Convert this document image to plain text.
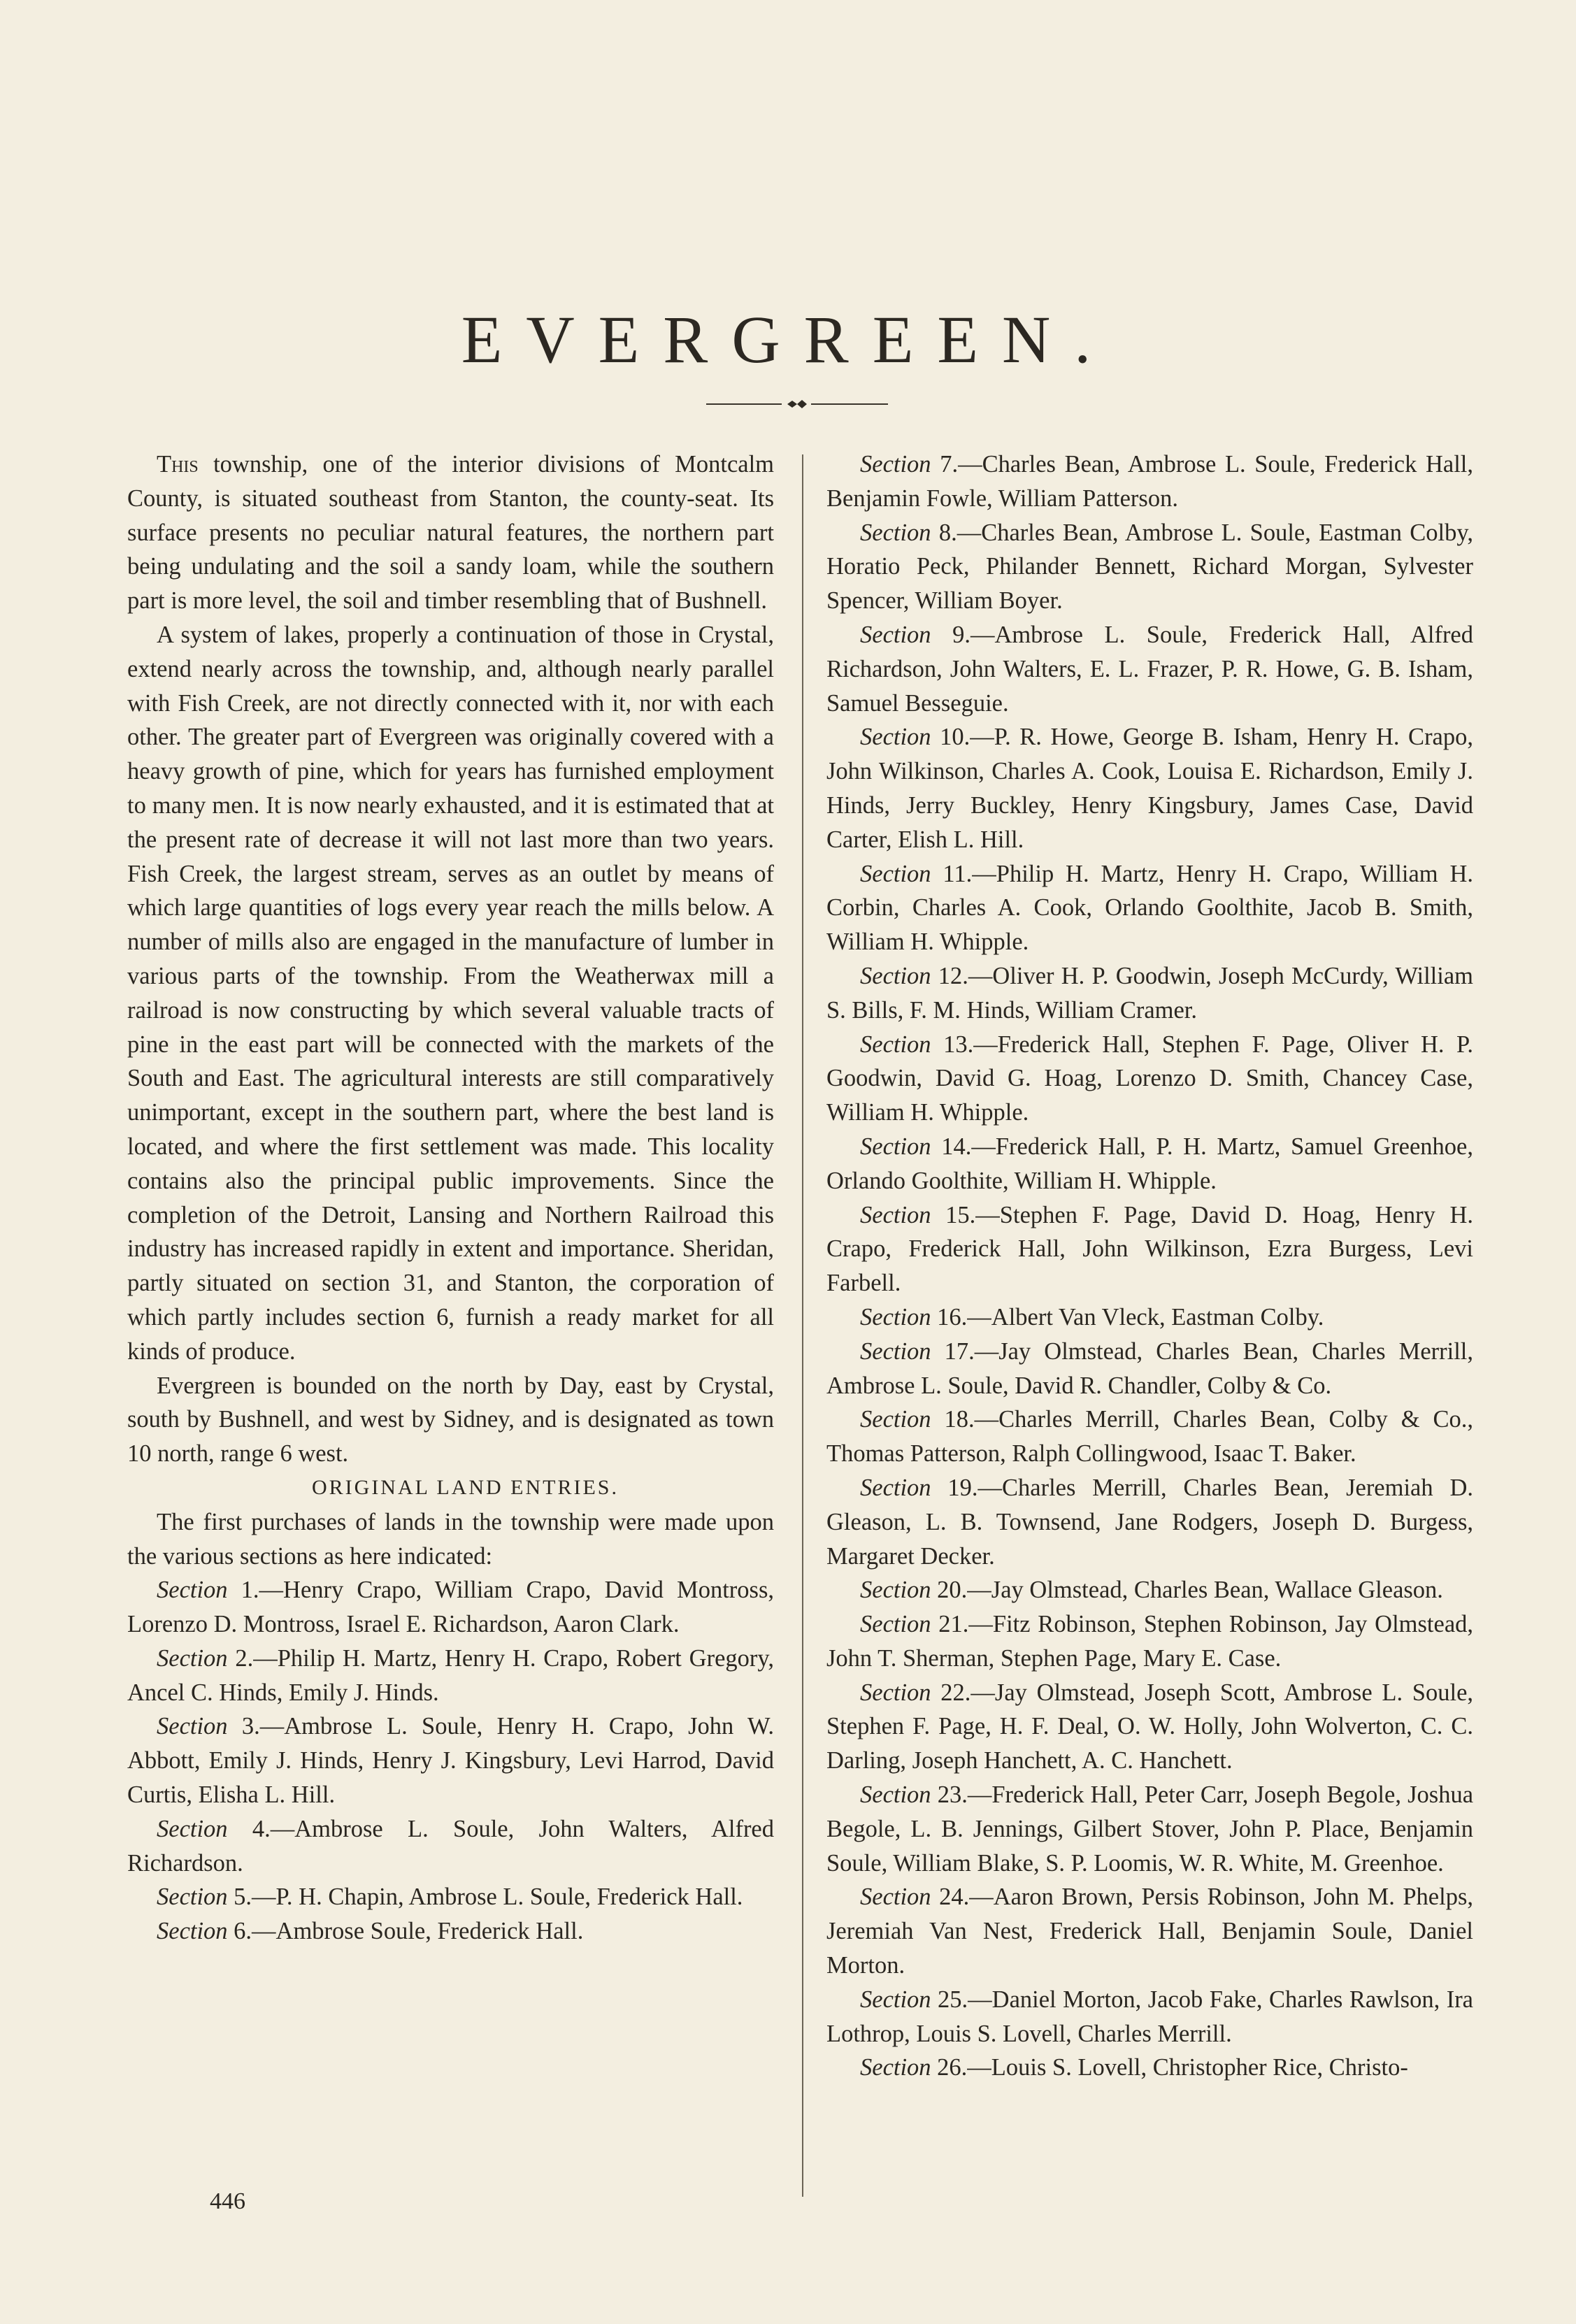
EVERGREEN.

This township, one of the interior divisions of Montcalm County, is situated southeast from Stanton, the county-seat. Its surface presents no peculiar natural features, the northern part being undulating and the soil a sandy loam, while the southern part is more level, the soil and timber resembling that of Bushnell.

A system of lakes, properly a continuation of those in Crystal, extend nearly across the township, and, although nearly parallel with Fish Creek, are not directly connected with it, nor with each other. The greater part of Evergreen was originally covered with a heavy growth of pine, which for years has furnished employment to many men. It is now nearly exhausted, and it is estimated that at the present rate of decrease it will not last more than two years. Fish Creek, the largest stream, serves as an outlet by means of which large quantities of logs every year reach the mills below. A number of mills also are engaged in the manufacture of lumber in various parts of the township. From the Weatherwax mill a railroad is now constructing by which several valuable tracts of pine in the east part will be connected with the markets of the South and East. The agricultural interests are still comparatively unimportant, except in the southern part, where the best land is located, and where the first settlement was made. This locality contains also the principal public improvements. Since the completion of the Detroit, Lansing and Northern Railroad this industry has increased rapidly in extent and importance. Sheridan, partly situated on section 31, and Stanton, the corporation of which partly includes section 6, furnish a ready market for all kinds of produce.

Evergreen is bounded on the north by Day, east by Crystal, south by Bushnell, and west by Sidney, and is designated as town 10 north, range 6 west.

ORIGINAL LAND ENTRIES.

The first purchases of lands in the township were made upon the various sections as here indicated:

Section 1.—Henry Crapo, William Crapo, David Montross, Lorenzo D. Montross, Israel E. Richardson, Aaron Clark.

Section 2.—Philip H. Martz, Henry H. Crapo, Robert Gregory, Ancel C. Hinds, Emily J. Hinds.

Section 3.—Ambrose L. Soule, Henry H. Crapo, John W. Abbott, Emily J. Hinds, Henry J. Kingsbury, Levi Harrod, David Curtis, Elisha L. Hill.

Section 4.—Ambrose L. Soule, John Walters, Alfred Richardson.

Section 5.—P. H. Chapin, Ambrose L. Soule, Frederick Hall.

Section 6.—Ambrose Soule, Frederick Hall.

Section 7.—Charles Bean, Ambrose L. Soule, Frederick Hall, Benjamin Fowle, William Patterson.

Section 8.—Charles Bean, Ambrose L. Soule, Eastman Colby, Horatio Peck, Philander Bennett, Richard Morgan, Sylvester Spencer, William Boyer.

Section 9.—Ambrose L. Soule, Frederick Hall, Alfred Richardson, John Walters, E. L. Frazer, P. R. Howe, G. B. Isham, Samuel Besseguie.

Section 10.—P. R. Howe, George B. Isham, Henry H. Crapo, John Wilkinson, Charles A. Cook, Louisa E. Richardson, Emily J. Hinds, Jerry Buckley, Henry Kingsbury, James Case, David Carter, Elish L. Hill.

Section 11.—Philip H. Martz, Henry H. Crapo, William H. Corbin, Charles A. Cook, Orlando Goolthite, Jacob B. Smith, William H. Whipple.

Section 12.—Oliver H. P. Goodwin, Joseph McCurdy, William S. Bills, F. M. Hinds, William Cramer.

Section 13.—Frederick Hall, Stephen F. Page, Oliver H. P. Goodwin, David G. Hoag, Lorenzo D. Smith, Chancey Case, William H. Whipple.

Section 14.—Frederick Hall, P. H. Martz, Samuel Greenhoe, Orlando Goolthite, William H. Whipple.

Section 15.—Stephen F. Page, David D. Hoag, Henry H. Crapo, Frederick Hall, John Wilkinson, Ezra Burgess, Levi Farbell.

Section 16.—Albert Van Vleck, Eastman Colby.

Section 17.—Jay Olmstead, Charles Bean, Charles Merrill, Ambrose L. Soule, David R. Chandler, Colby & Co.

Section 18.—Charles Merrill, Charles Bean, Colby & Co., Thomas Patterson, Ralph Collingwood, Isaac T. Baker.

Section 19.—Charles Merrill, Charles Bean, Jeremiah D. Gleason, L. B. Townsend, Jane Rodgers, Joseph D. Burgess, Margaret Decker.

Section 20.—Jay Olmstead, Charles Bean, Wallace Gleason.

Section 21.—Fitz Robinson, Stephen Robinson, Jay Olmstead, John T. Sherman, Stephen Page, Mary E. Case.

Section 22.—Jay Olmstead, Joseph Scott, Ambrose L. Soule, Stephen F. Page, H. F. Deal, O. W. Holly, John Wolverton, C. C. Darling, Joseph Hanchett, A. C. Hanchett.

Section 23.—Frederick Hall, Peter Carr, Joseph Begole, Joshua Begole, L. B. Jennings, Gilbert Stover, John P. Place, Benjamin Soule, William Blake, S. P. Loomis, W. R. White, M. Greenhoe.

Section 24.—Aaron Brown, Persis Robinson, John M. Phelps, Jeremiah Van Nest, Frederick Hall, Benjamin Soule, Daniel Morton.

Section 25.—Daniel Morton, Jacob Fake, Charles Rawlson, Ira Lothrop, Louis S. Lovell, Charles Merrill.

Section 26.—Louis S. Lovell, Christopher Rice, Christo-

446
